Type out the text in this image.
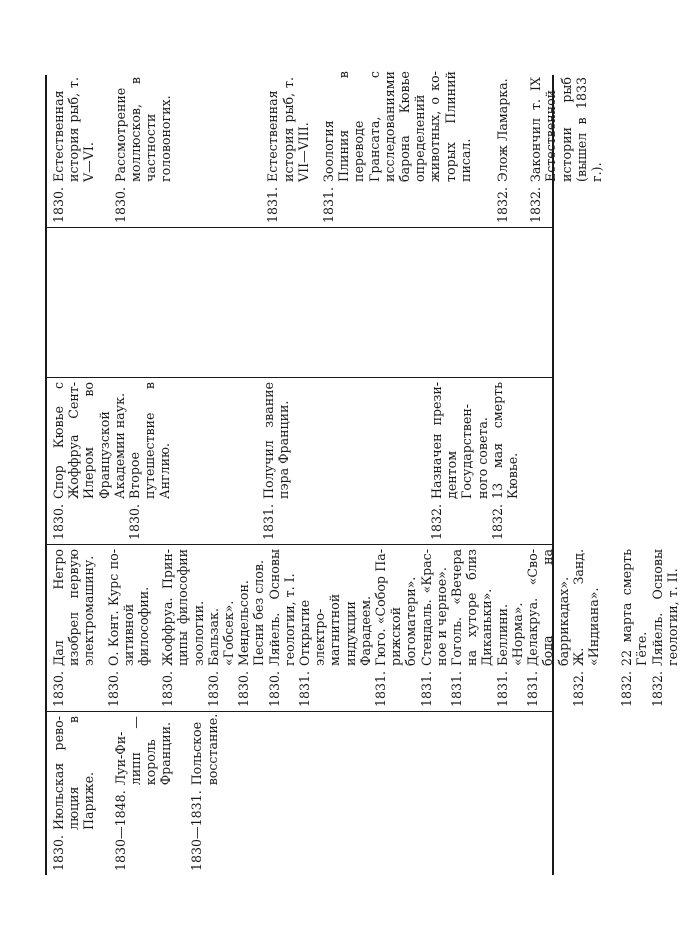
1830.
Июльская революция в Париже. 1830—1848.
Луи-Филипп — король Франции.
1830—1831.
Польское восстание.
1830.
Дал Негро изобрел первую электромашину.
1830.
О. Конт. Курс позитивной философии.
1830.
Жоффруа. Принципы философии зоологии.
1830.
Бальзак. «Гобсек».
1830.
Мендельсон. Песни без слов.
1830.
Ляйель. Основы геологии, т. I.
1831.
Открытие электромагнитной индукции Фарадеем.
1831.
Гюго. «Собор Парижской богоматери».
1831.
Стендаль. «Красное и черное».
1831.
Гоголь. «Вечера на хуторе близ Диканьки».
1831.
Беллини. «Норма».
1831.
Делакруа. «Свобода на баррикадах».
1832.
Ж. Занд. «Индиана».
1832.
22 марта смерть Гёте.
1832.
Ляйель. Основы геологии, т. II.
1830.
Спор Кювье с Жоффруа Сент-Илером во Французской Академии наук.
1830.
Второе путешествие в Англию.
1831.
Получил звание пэра Франции.
1832.
Назначен президентом Государственного совета.
1832.
13 мая смерть Кювье.
1830.
Естественная история рыб, т. V—VI.
1830.
Рассмотрение моллюсков, в частности головоногих.
1831.
Естественная история рыб, т. VII—VIII.
1831.
Зоология Плиния в переводе Грансата, с исследованиями барона Кювье определений животных, о которых Плиний писал.
1832.
Элож Ламарка.
1832.
Закончил т. IX Естественной истории рыб (вышел в 1833 г.).
